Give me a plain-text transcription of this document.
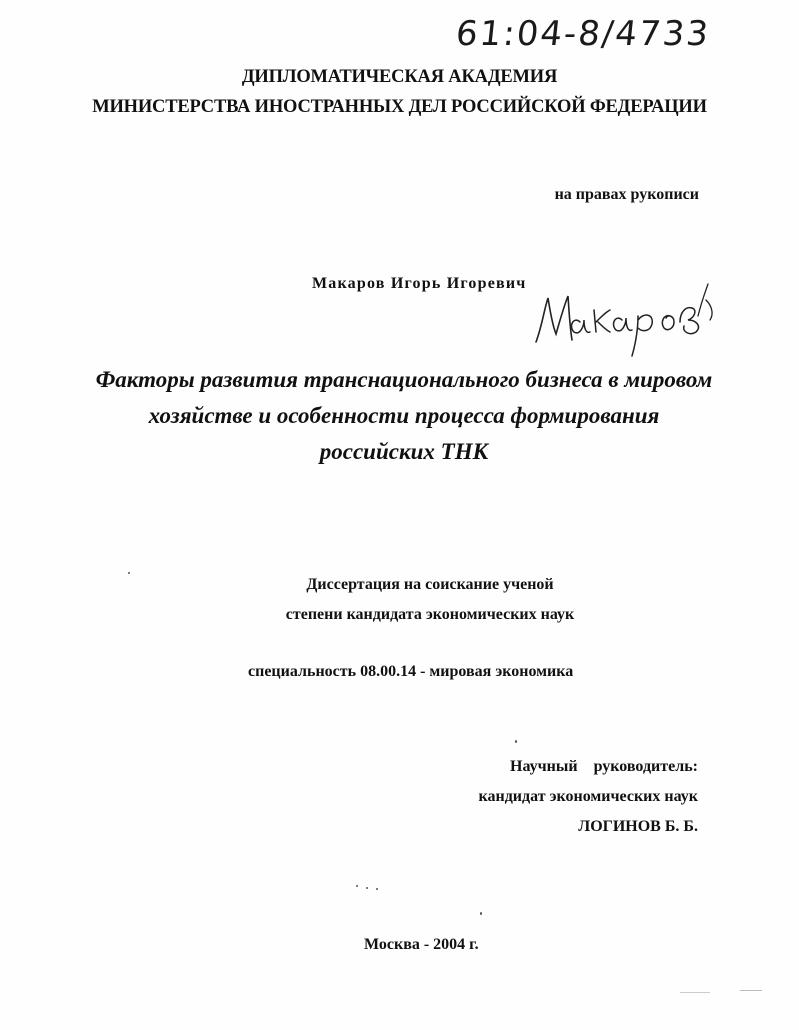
61:04-8/4733
ДИПЛОМАТИЧЕСКАЯ АКАДЕМИЯ
МИНИСТЕРСТВА ИНОСТРАННЫХ ДЕЛ РОССИЙСКОЙ ФЕДЕРАЦИИ
на правах рукописи
Макаров Игорь Игоревич
Факторы развития транснационального бизнеса в мировом
хозяйстве и особенности процесса формирования
российских ТНК
Диссертация на соискание ученой
степени кандидата экономических наук
специальность 08.00.14 - мировая экономика
Научный руководитель:
кандидат экономических наук
ЛОГИНОВ Б. Б.
Москва - 2004 г.
